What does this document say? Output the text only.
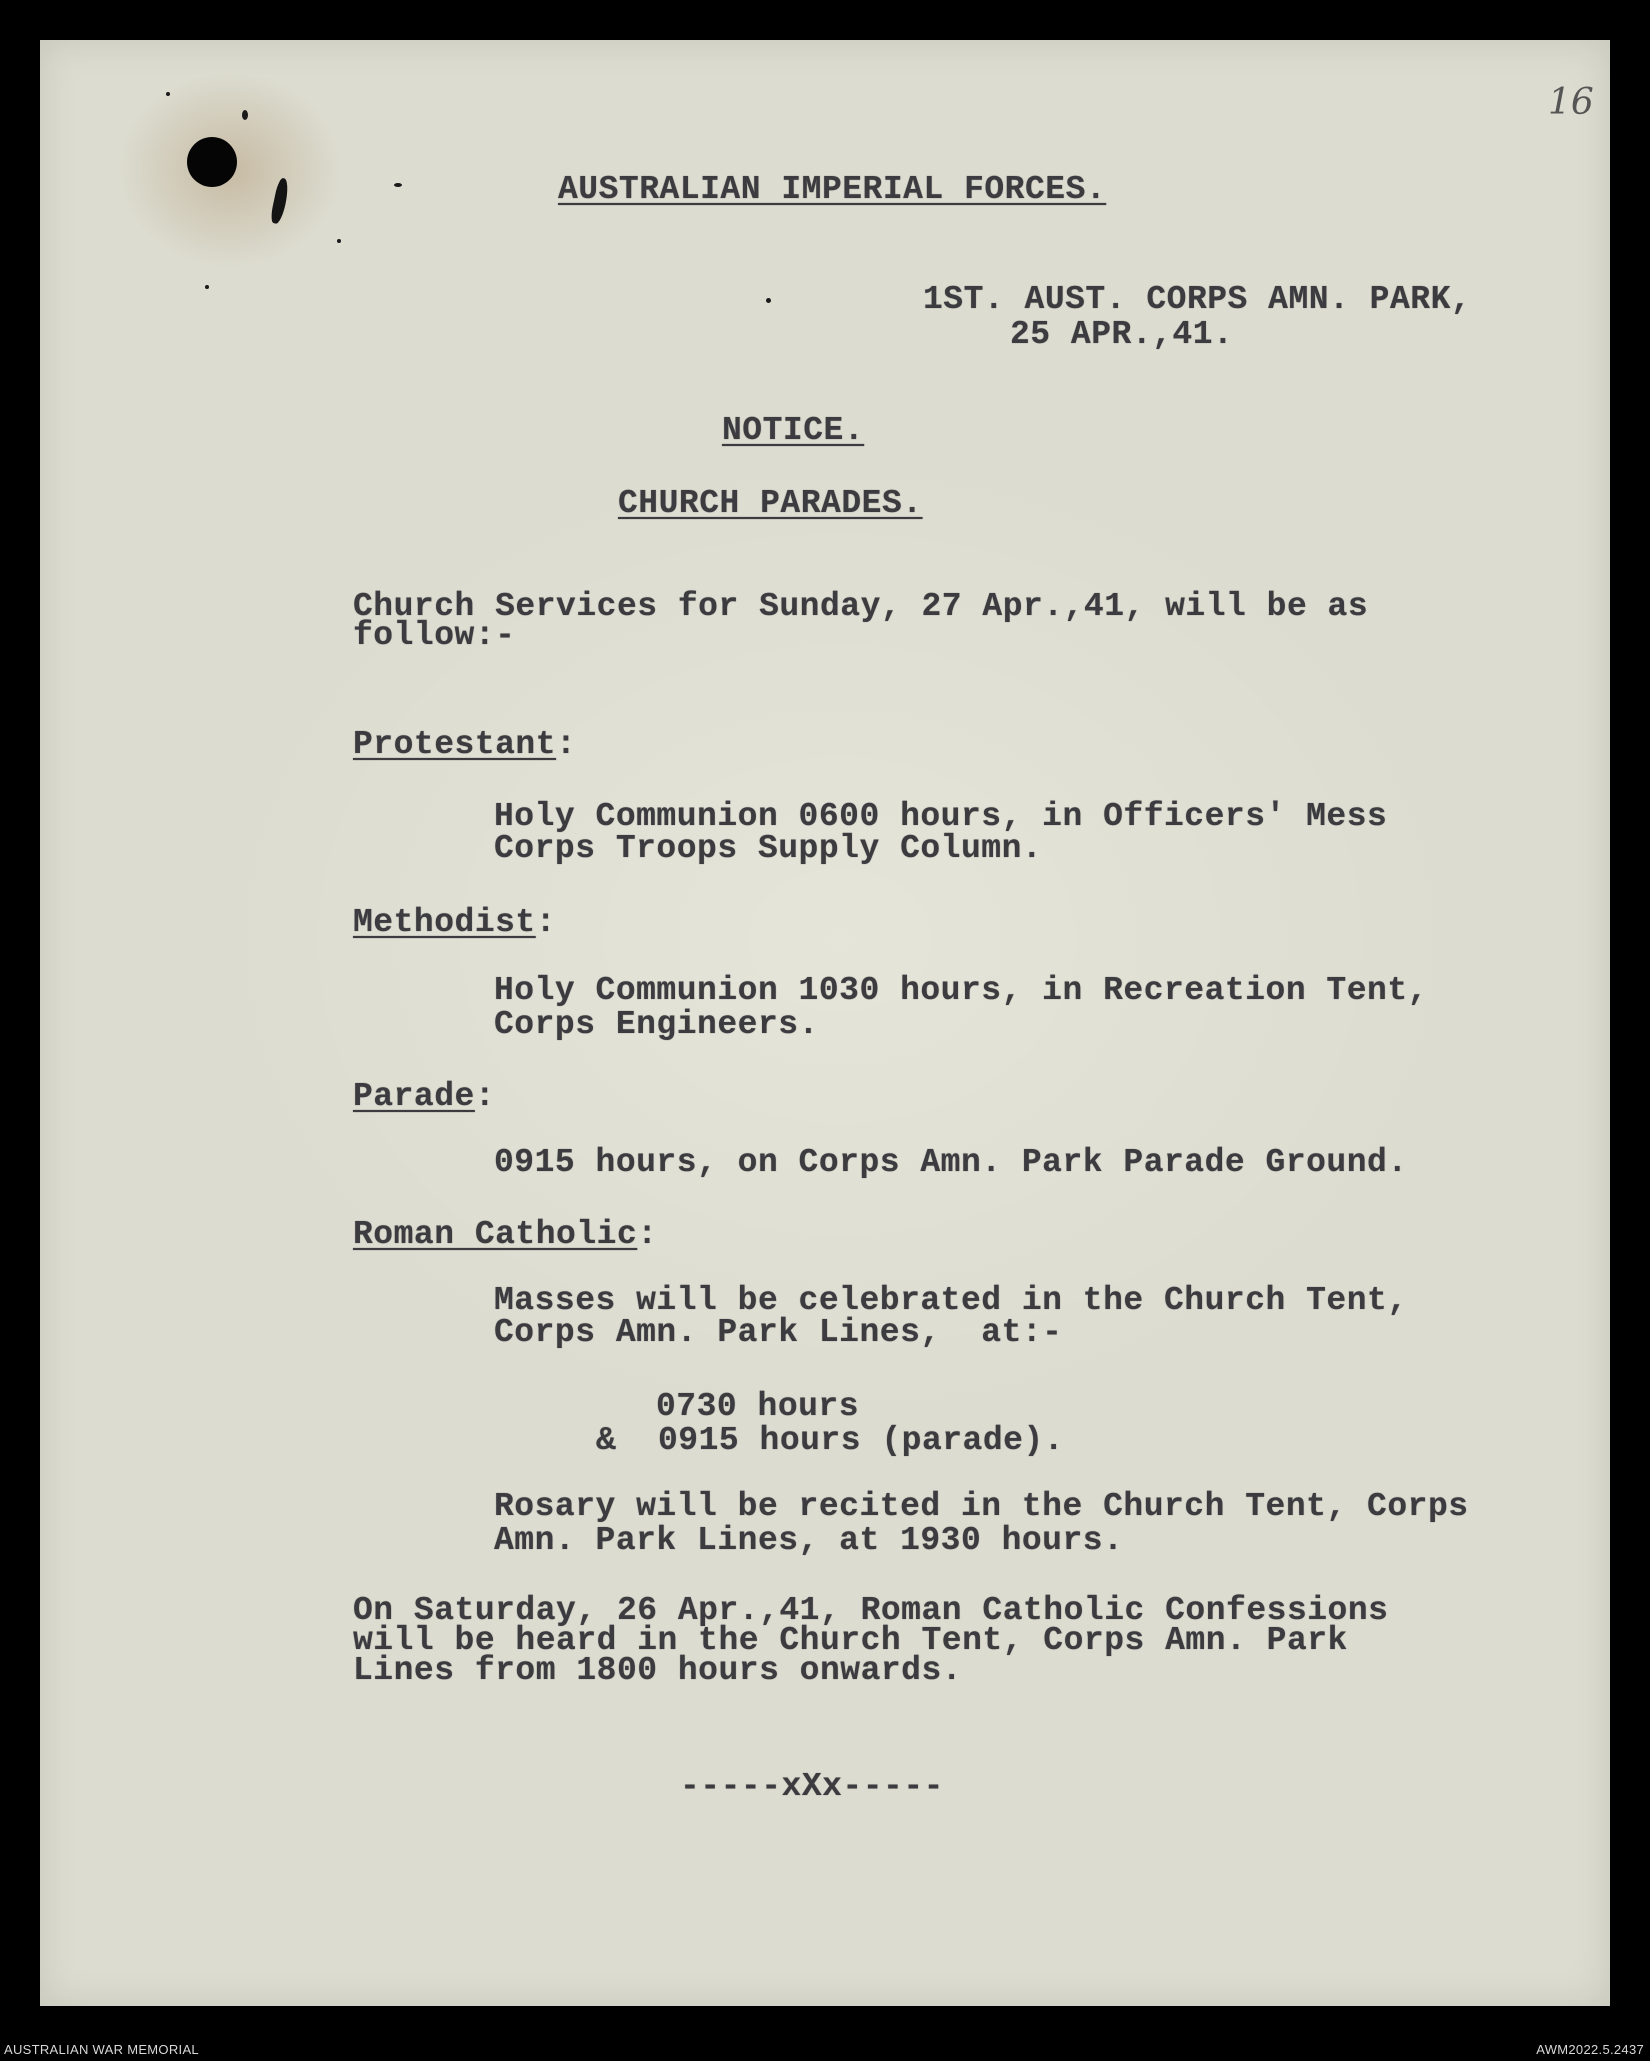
16
AUSTRALIAN IMPERIAL FORCES.
1ST. AUST. CORPS AMN. PARK,
25 APR.,41.
NOTICE.
CHURCH PARADES.
Church Services for Sunday, 27 Apr.,41, will be as
follow:-
Protestant:
Holy Communion 0600 hours, in Officers' Mess
Corps Troops Supply Column.
Methodist:
Holy Communion 1030 hours, in Recreation Tent,
Corps Engineers.
Parade:
0915 hours, on Corps Amn. Park Parade Ground.
Roman Catholic:
Masses will be celebrated in the Church Tent,
Corps Amn. Park Lines,  at:-
0730 hours
& 0915 hours (parade).
Rosary will be recited in the Church Tent, Corps
Amn. Park Lines, at 1930 hours.
On Saturday, 26 Apr.,41, Roman Catholic Confessions
will be heard in the Church Tent, Corps Amn. Park
Lines from 1800 hours onwards.
-----xXx-----
AUSTRALIAN WAR MEMORIAL	AWM2022.5.2437
